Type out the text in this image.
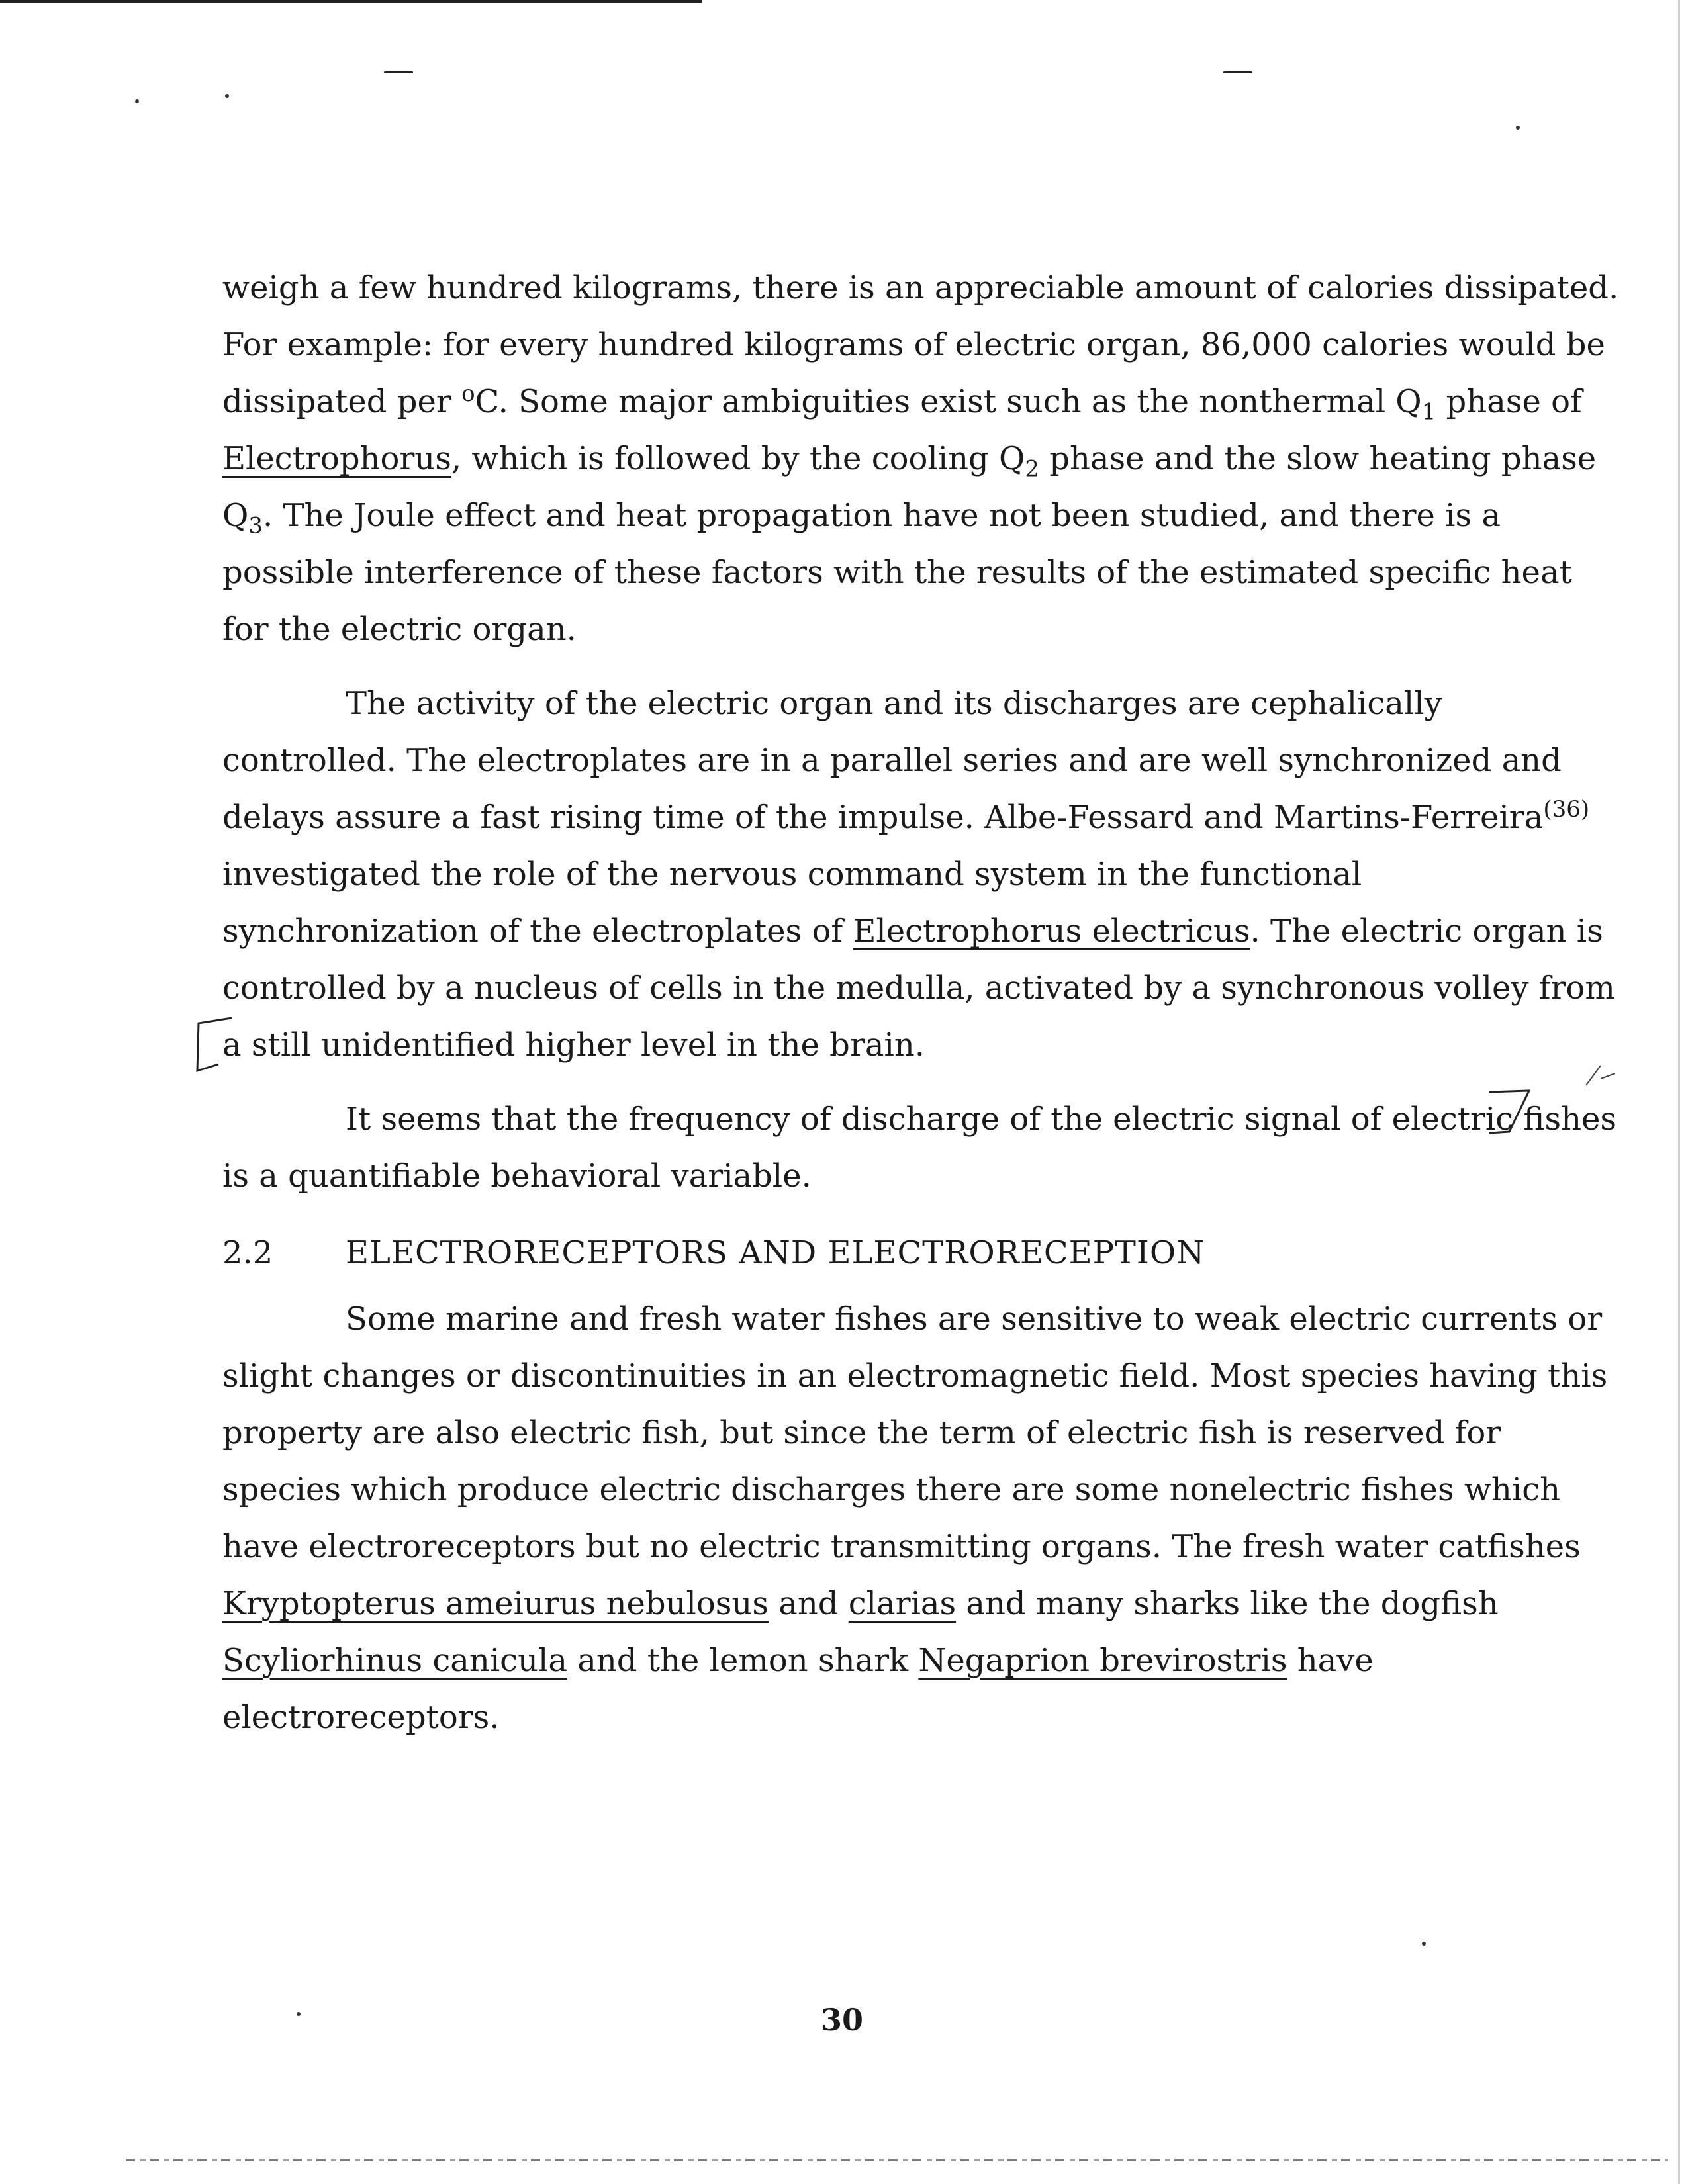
weigh a few hundred kilograms, there is an appreciable amount of calories dissipated. For example: for every hundred kilograms of electric organ, 86,000 calories would be dissipated per $^o$C. Some major ambiguities exist such as the nonthermal $Q_1$ phase of Electrophorus, which is followed by the cooling $Q_2$ phase and the slow heating phase $Q_3$. The Joule effect and heat propagation have not been studied, and there is a possible interference of these factors with the results of the estimated specific heat for the electric organ.

The activity of the electric organ and its discharges are cephalically controlled. The electroplates are in a parallel series and are well synchronized and delays assure a fast rising time of the impulse. Albe-Fessard and Martins-Ferreira$^{(36)}$ investigated the role of the nervous command system in the functional synchronization of the electroplates of Electrophorus electricus. The electric organ is controlled by a nucleus of cells in the medulla, activated by a synchronous volley from a still unidentified higher level in the brain.

It seems that the frequency of discharge of the electric signal of electric fishes is a quantifiable behavioral variable.

2.2	ELECTRORECEPTORS AND ELECTRORECEPTION

Some marine and fresh water fishes are sensitive to weak electric currents or slight changes or discontinuities in an electromagnetic field. Most species having this property are also electric fish, but since the term of electric fish is reserved for species which produce electric discharges there are some nonelectric fishes which have electroreceptors but no electric transmitting organs. The fresh water catfishes Kryptopterus ameiurus nebulosus and clarias and many sharks like the dogfish Scyliorhinus canicula and the lemon shark Negaprion brevirostris have electroreceptors.

30
